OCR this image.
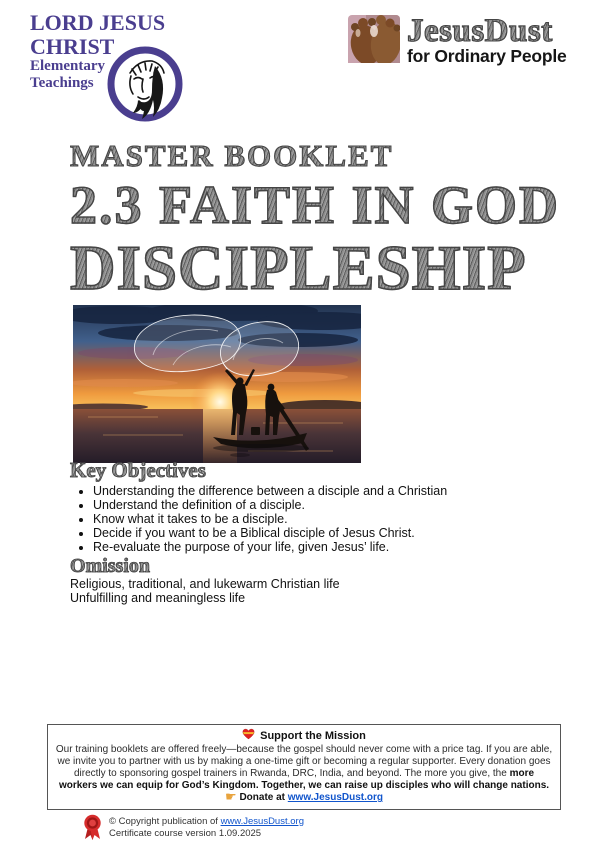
LORD JESUS
CHRIST
Elementary
Teachings
JesusDust
for Ordinary People
MASTER BOOKLET
2.3 FAITH IN GOD
DISCIPLESHIP
Key Objectives
• Understanding the difference between a disciple and a Christian
• Understand the definition of a disciple.
• Know what it takes to be a disciple.
• Decide if you want to be a Biblical disciple of Jesus Christ.
• Re-evaluate the purpose of your life, given Jesus’ life.
Omission
Religious, traditional, and lukewarm Christian life
Unfulfilling and meaningless life
Support the Mission
Our training booklets are offered freely—because the gospel should never come with a price tag. If you are able, we invite you to partner with us by making a one-time gift or becoming a regular supporter. Every donation goes directly to sponsoring gospel trainers in Rwanda, DRC, India, and beyond. The more you give, the more workers we can equip for God’s Kingdom. Together, we can raise up disciples who will change nations. ☛ Donate at www.JesusDust.org
© Copyright publication of www.JesusDust.org
Certificate course version 1.09.2025
